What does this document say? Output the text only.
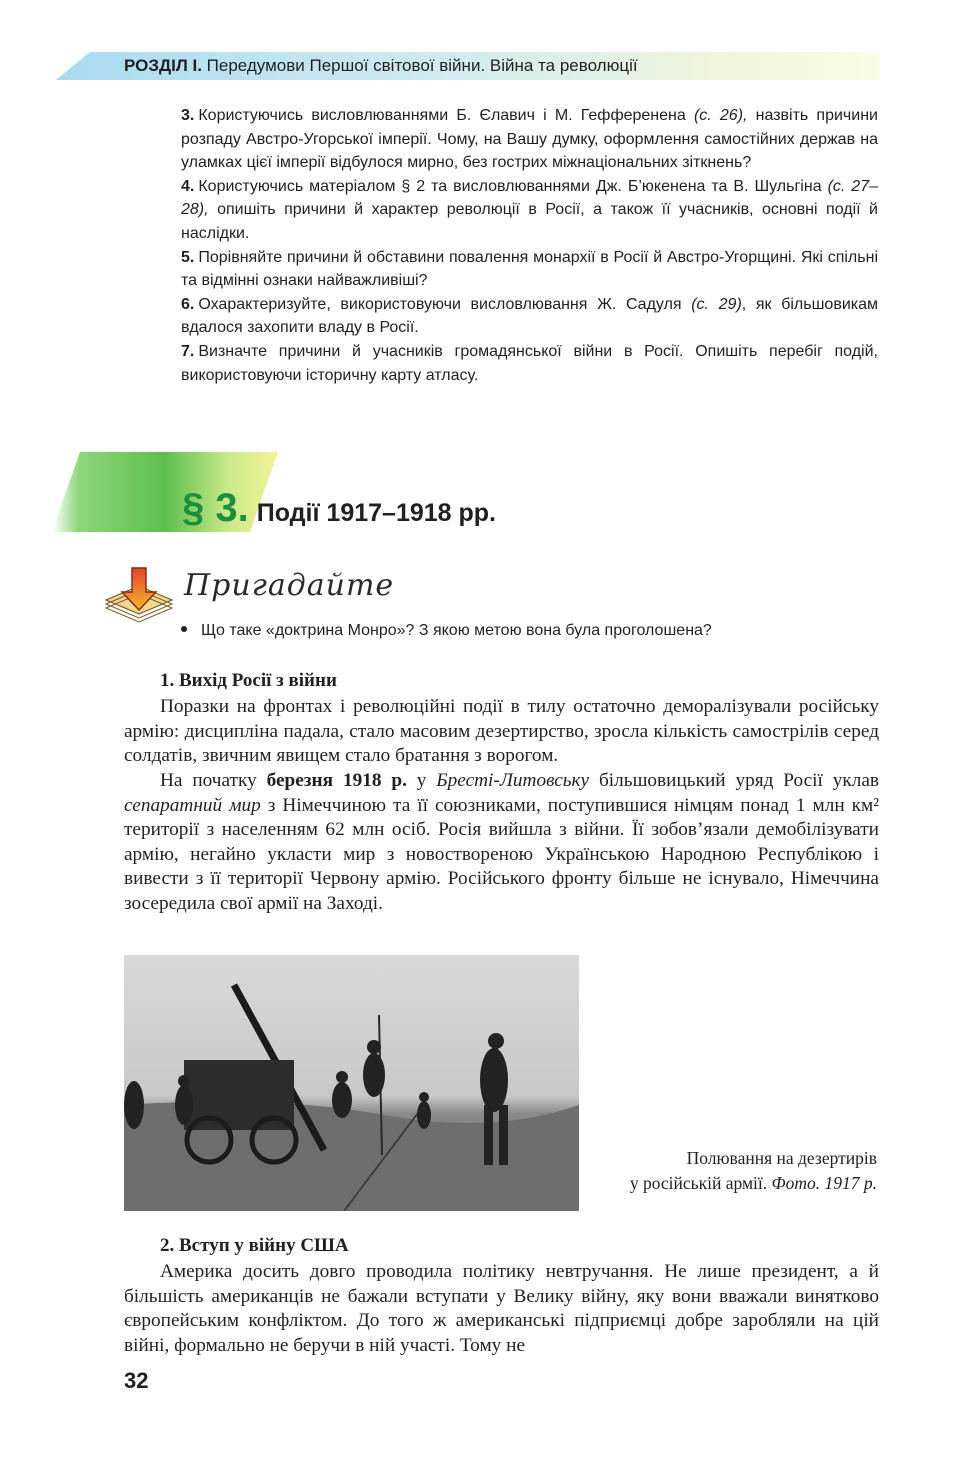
РОЗДІЛ І. Передумови Першої світової війни. Війна та революції

3. Користуючись висловлюваннями Б. Єлавич і М. Гефференена (с. 26), назвіть причини розпаду Австро-Угорської імперії. Чому, на Вашу думку, оформлення самостійних держав на уламках цієї імперії відбулося мирно, без гострих міжнаціональних зіткнень?

4. Користуючись матеріалом § 2 та висловлюваннями Дж. Б’юкенена та В. Шульгіна (с. 27–28), опишіть причини й характер революції в Росії, а також її учасників, основні події й наслідки.

5. Порівняйте причини й обставини повалення монархії в Росії й Австро-Угорщині. Які спільні та відмінні ознаки найважливіші?

6. Охарактеризуйте, використовуючи висловлювання Ж. Садуля (с. 29), як більшовикам вдалося захопити владу в Росії.

7. Визначте причини й учасників громадянської війни в Росії. Опишіть перебіг подій, використовуючи історичну карту атласу.

§ 3. Події 1917–1918 рр.
Пригадайте
Що таке «доктрина Монро»? З якою метою вона була проголошена?
1. Вихід Росії з війни

Поразки на фронтах і революційні події в тилу остаточно деморалізували російську армію: дисципліна падала, стало масовим дезертирство, зросла кількість самострілів серед солдатів, звичним явищем стало братання з ворогом.

На початку березня 1918 р. у Бресті-Литовську більшовицький уряд Росії уклав сепаратний мир з Німеччиною та її союзниками, поступившися німцям понад 1 млн км² території з населенням 62 млн осіб. Росія вийшла з війни. Її зобов’язали демобілізувати армію, негайно укласти мир з новоствореною Українською Народною Республікою і вивести з її території Червону армію. Російського фронту більше не існувало, Німеччина зосередила свої армії на Заході.

Полювання на дезертирів
у російській армії. Фото. 1917 р.
2. Вступ у війну США

Америка досить довго проводила політику невтручання. Не лише президент, а й більшість американців не бажали вступати у Велику війну, яку вони вважали винятково європейським конфліктом. До того ж американські підприємці добре заробляли на цій війні, формально не беручи в ній участі. Тому не

32
